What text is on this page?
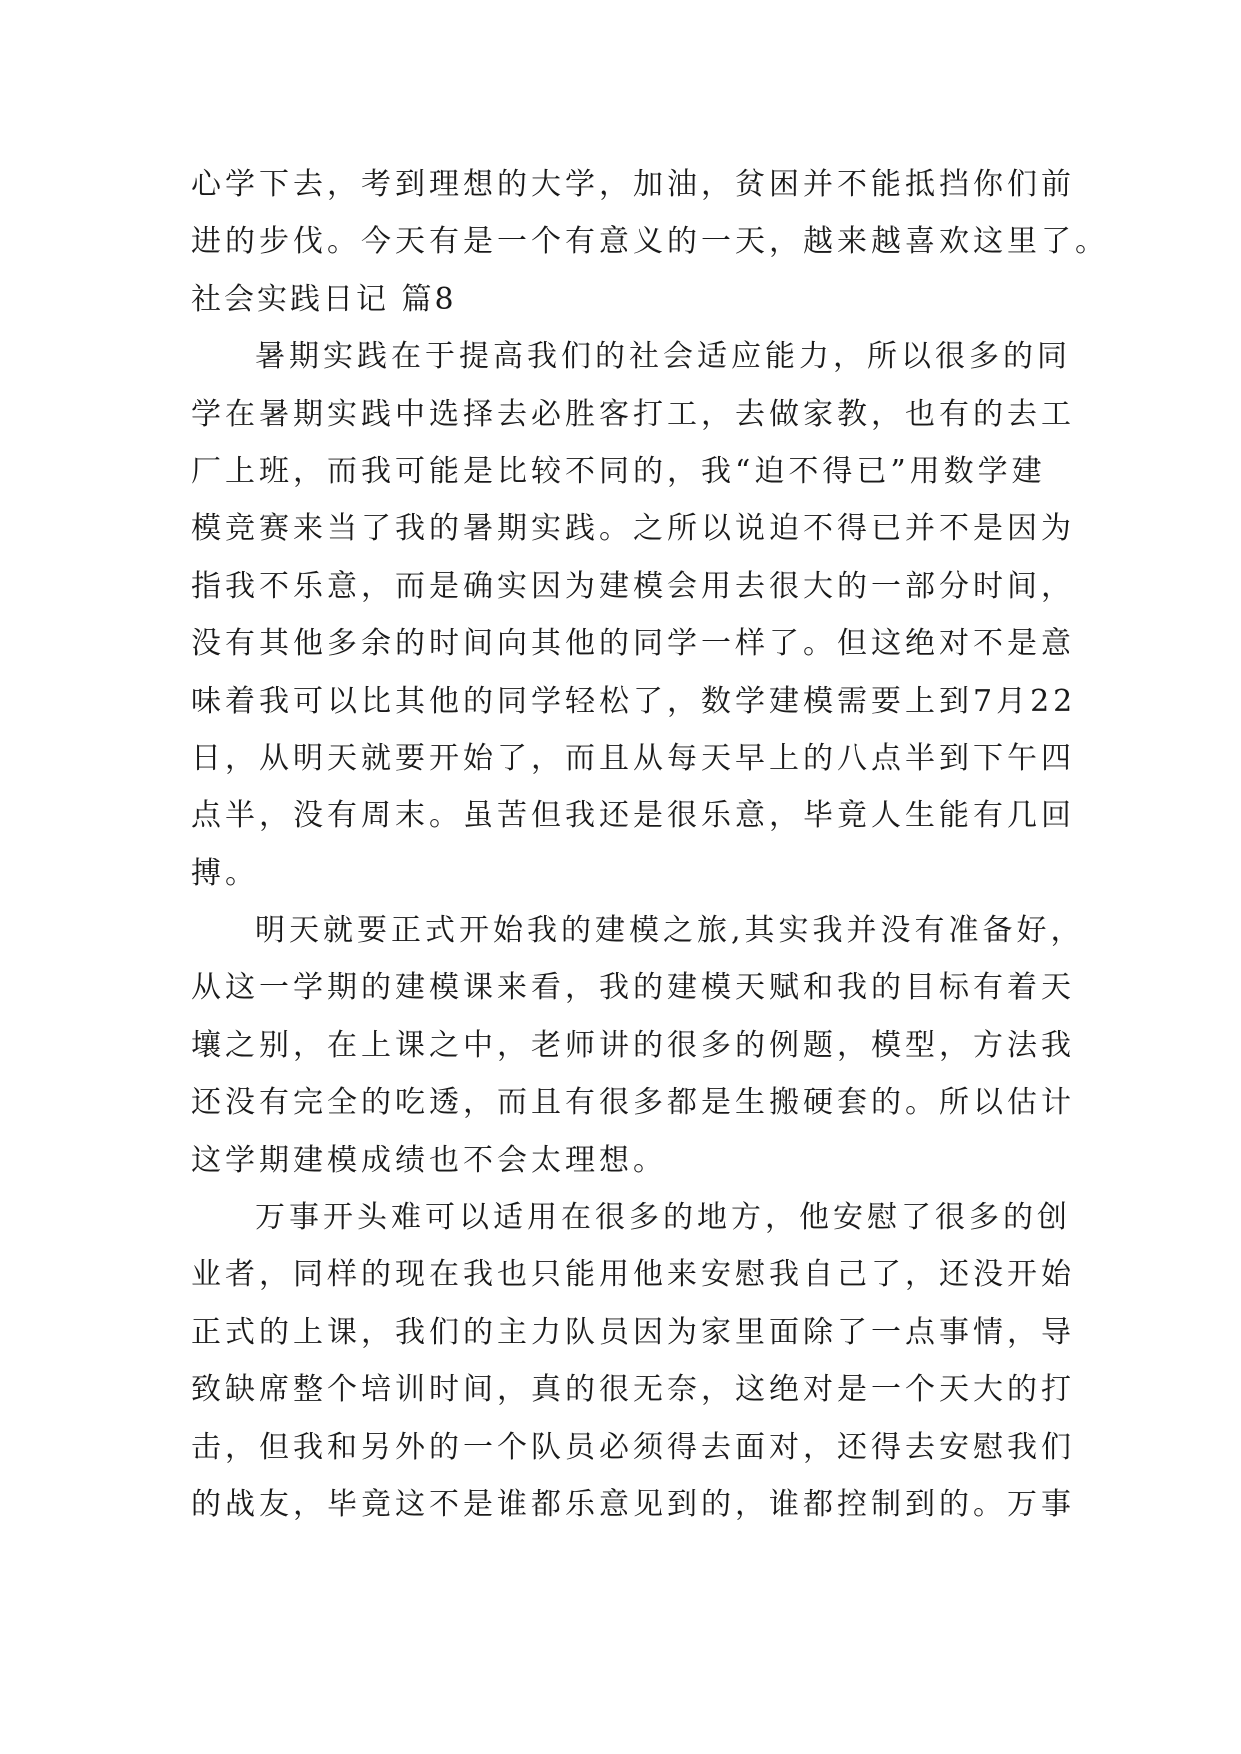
心学下去，考到理想的大学，加油，贫困并不能抵挡你们前
进的步伐。今天有是一个有意义的一天，越来越喜欢这里了。
社会实践日记 篇8
暑期实践在于提高我们的社会适应能力，所以很多的同
学在暑期实践中选择去必胜客打工，去做家教，也有的去工
厂上班，而我可能是比较不同的，我“迫不得已”用数学建
模竞赛来当了我的暑期实践。之所以说迫不得已并不是因为
指我不乐意，而是确实因为建模会用去很大的一部分时间，
没有其他多余的时间向其他的同学一样了。但这绝对不是意
味着我可以比其他的同学轻松了，数学建模需要上到7月22
日，从明天就要开始了，而且从每天早上的八点半到下午四
点半，没有周末。虽苦但我还是很乐意，毕竟人生能有几回
搏。
明天就要正式开始我的建模之旅,其实我并没有准备好，
从这一学期的建模课来看，我的建模天赋和我的目标有着天
壤之别，在上课之中，老师讲的很多的例题，模型，方法我
还没有完全的吃透，而且有很多都是生搬硬套的。所以估计
这学期建模成绩也不会太理想。
万事开头难可以适用在很多的地方，他安慰了很多的创
业者，同样的现在我也只能用他来安慰我自己了，还没开始
正式的上课，我们的主力队员因为家里面除了一点事情，导
致缺席整个培训时间，真的很无奈，这绝对是一个天大的打
击，但我和另外的一个队员必须得去面对，还得去安慰我们
的战友，毕竟这不是谁都乐意见到的，谁都控制到的。万事
